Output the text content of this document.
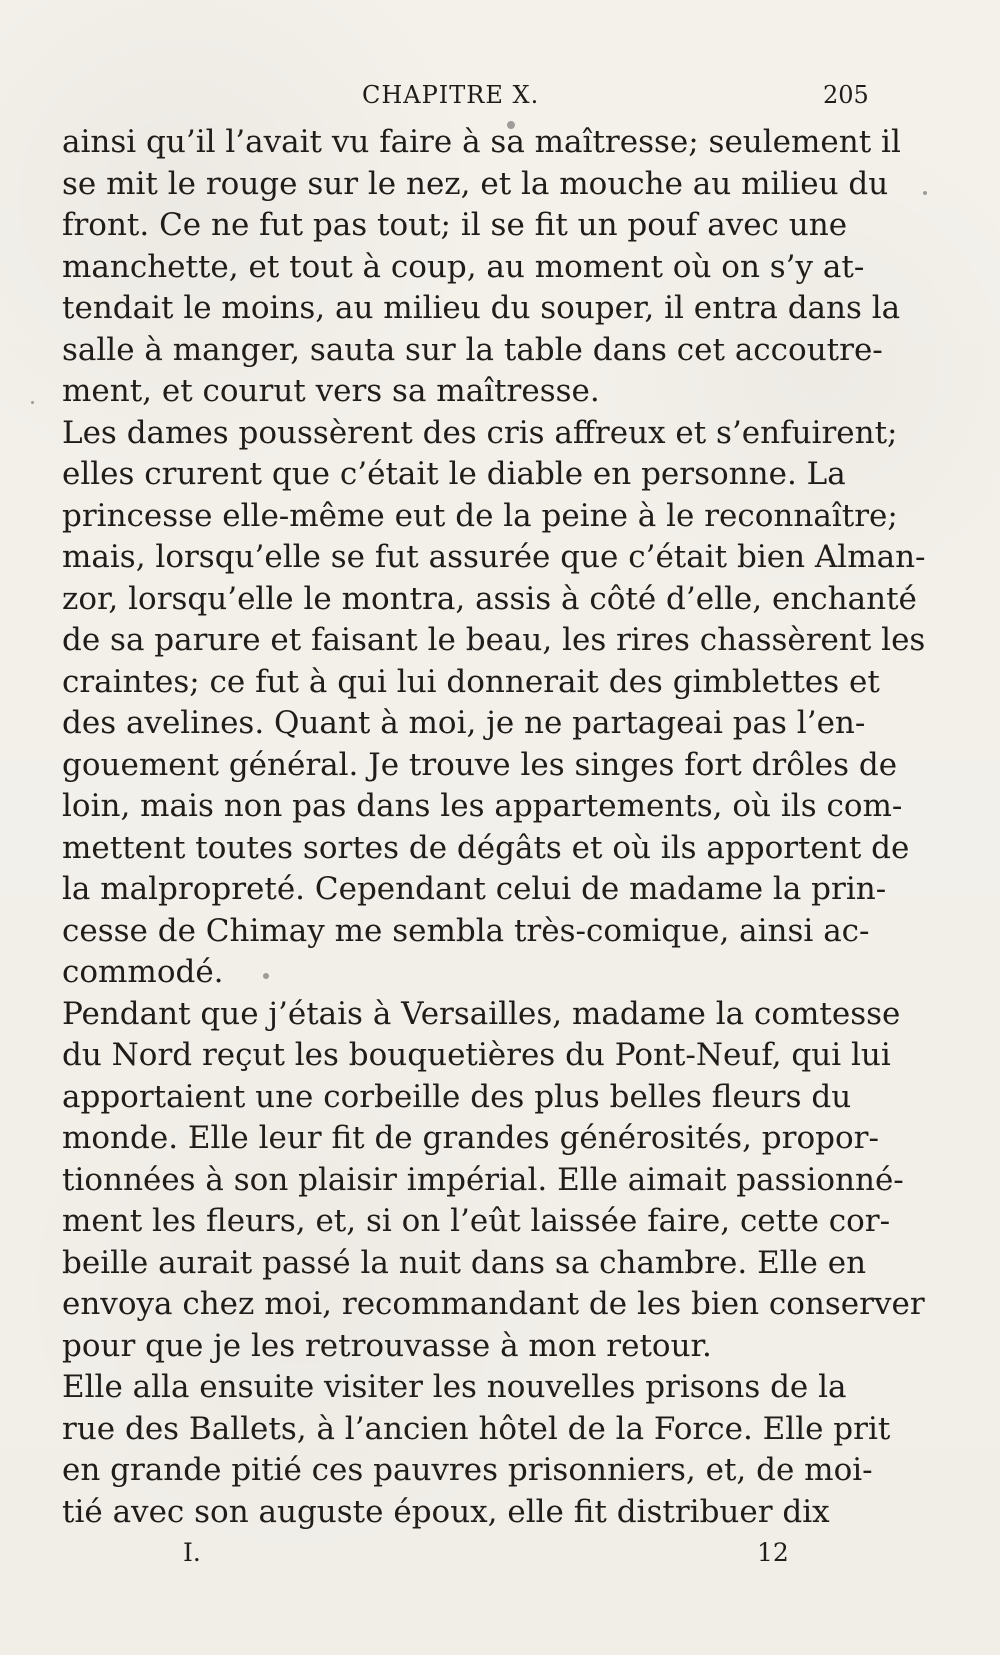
CHAPITRE X.	205
ainsi qu’il l’avait vu faire à sa maîtresse; seulement il
se mit le rouge sur le nez, et la mouche au milieu du
front. Ce ne fut pas tout; il se fit un pouf avec une
manchette, et tout à coup, au moment où on s’y at-
tendait le moins, au milieu du souper, il entra dans la
salle à manger, sauta sur la table dans cet accoutre-
ment, et courut vers sa maîtresse.
Les dames poussèrent des cris affreux et s’enfuirent;
elles crurent que c’était le diable en personne. La
princesse elle-même eut de la peine à le reconnaître;
mais, lorsqu’elle se fut assurée que c’était bien Alman-
zor, lorsqu’elle le montra, assis à côté d’elle, enchanté
de sa parure et faisant le beau, les rires chassèrent les
craintes; ce fut à qui lui donnerait des gimblettes et
des avelines. Quant à moi, je ne partageai pas l’en-
gouement général. Je trouve les singes fort drôles de
loin, mais non pas dans les appartements, où ils com-
mettent toutes sortes de dégâts et où ils apportent de
la malpropreté. Cependant celui de madame la prin-
cesse de Chimay me sembla très-comique, ainsi ac-
commodé.
Pendant que j’étais à Versailles, madame la comtesse
du Nord reçut les bouquetières du Pont-Neuf, qui lui
apportaient une corbeille des plus belles fleurs du
monde. Elle leur fit de grandes générosités, propor-
tionnées à son plaisir impérial. Elle aimait passionné-
ment les fleurs, et, si on l’eût laissée faire, cette cor-
beille aurait passé la nuit dans sa chambre. Elle en
envoya chez moi, recommandant de les bien conserver
pour que je les retrouvasse à mon retour.
Elle alla ensuite visiter les nouvelles prisons de la
rue des Ballets, à l’ancien hôtel de la Force. Elle prit
en grande pitié ces pauvres prisonniers, et, de moi-
tié avec son auguste époux, elle fit distribuer dix
I.	12
